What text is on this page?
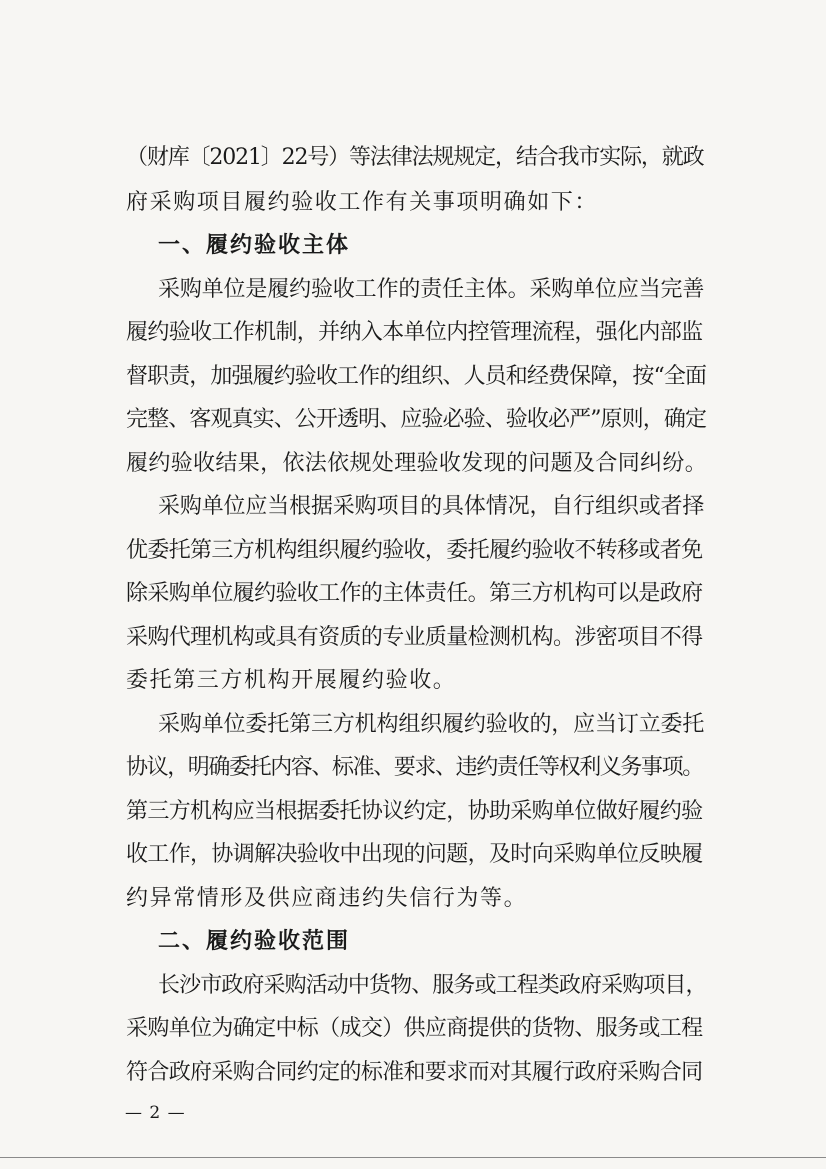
（财库〔2021〕22号）等法律法规规定，结合我市实际，就政
府采购项目履约验收工作有关事项明确如下：
一、履约验收主体
采购单位是履约验收工作的责任主体。采购单位应当完善
履约验收工作机制，并纳入本单位内控管理流程，强化内部监
督职责，加强履约验收工作的组织、人员和经费保障，按“全面
完整、客观真实、公开透明、应验必验、验收必严”原则，确定
履约验收结果，依法依规处理验收发现的问题及合同纠纷。
采购单位应当根据采购项目的具体情况，自行组织或者择
优委托第三方机构组织履约验收，委托履约验收不转移或者免
除采购单位履约验收工作的主体责任。第三方机构可以是政府
采购代理机构或具有资质的专业质量检测机构。涉密项目不得
委托第三方机构开展履约验收。
采购单位委托第三方机构组织履约验收的，应当订立委托
协议，明确委托内容、标准、要求、违约责任等权利义务事项。
第三方机构应当根据委托协议约定，协助采购单位做好履约验
收工作，协调解决验收中出现的问题，及时向采购单位反映履
约异常情形及供应商违约失信行为等。
二、履约验收范围
长沙市政府采购活动中货物、服务或工程类政府采购项目，
采购单位为确定中标（成交）供应商提供的货物、服务或工程
符合政府采购合同约定的标准和要求而对其履行政府采购合同
— 2 —
